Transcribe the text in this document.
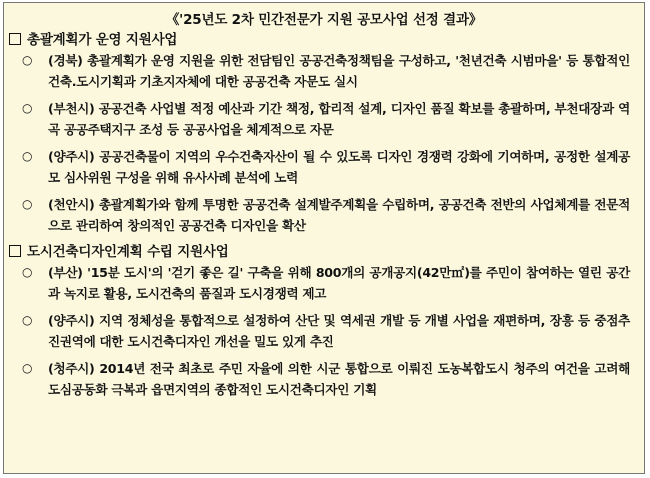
《'25년도 2차 민간전문가 지원 공모사업 선정 결과》
총괄계획가 운영 지원사업
○ (경북) 총괄계획가 운영 지원을 위한 전담팀인 공공건축정책팀을 구성하고, '천년건축 시범마을' 등 통합적인 건축.도시기획과 기초지자체에 대한 공공건축 자문도 실시
○ (부천시) 공공건축 사업별 적정 예산과 기간 책정, 합리적 설계, 디자인 품질 확보를 총괄하며, 부천대장과 역곡 공공주택지구 조성 등 공공사업을 체계적으로 자문
○ (양주시) 공공건축물이 지역의 우수건축자산이 될 수 있도록 디자인 경쟁력 강화에 기여하며, 공정한 설계공모 심사위원 구성을 위해 유사사례 분석에 노력
○ (천안시) 총괄계획가와 함께 투명한 공공건축 설계발주계획을 수립하며, 공공건축 전반의 사업체계를 전문적으로 관리하여 창의적인 공공건축 디자인을 확산
도시건축디자인계획 수립 지원사업
○ (부산) '15분 도시'의 '걷기 좋은 길' 구축을 위해 800개의 공개공지(42만㎡)를 주민이 참여하는 열린 공간과 녹지로 활용, 도시건축의 품질과 도시경쟁력 제고
○ (양주시) 지역 정체성을 통합적으로 설정하여 산단 및 역세권 개발 등 개별 사업을 재편하며, 장흥 등 중점추진권역에 대한 도시건축디자인 개선을 밀도 있게 추진
○ (청주시) 2014년 전국 최초로 주민 자율에 의한 시군 통합으로 이뤄진 도농복합도시 청주의 여건을 고려해 도심공동화 극복과 읍면지역의 종합적인 도시건축디자인 기획
